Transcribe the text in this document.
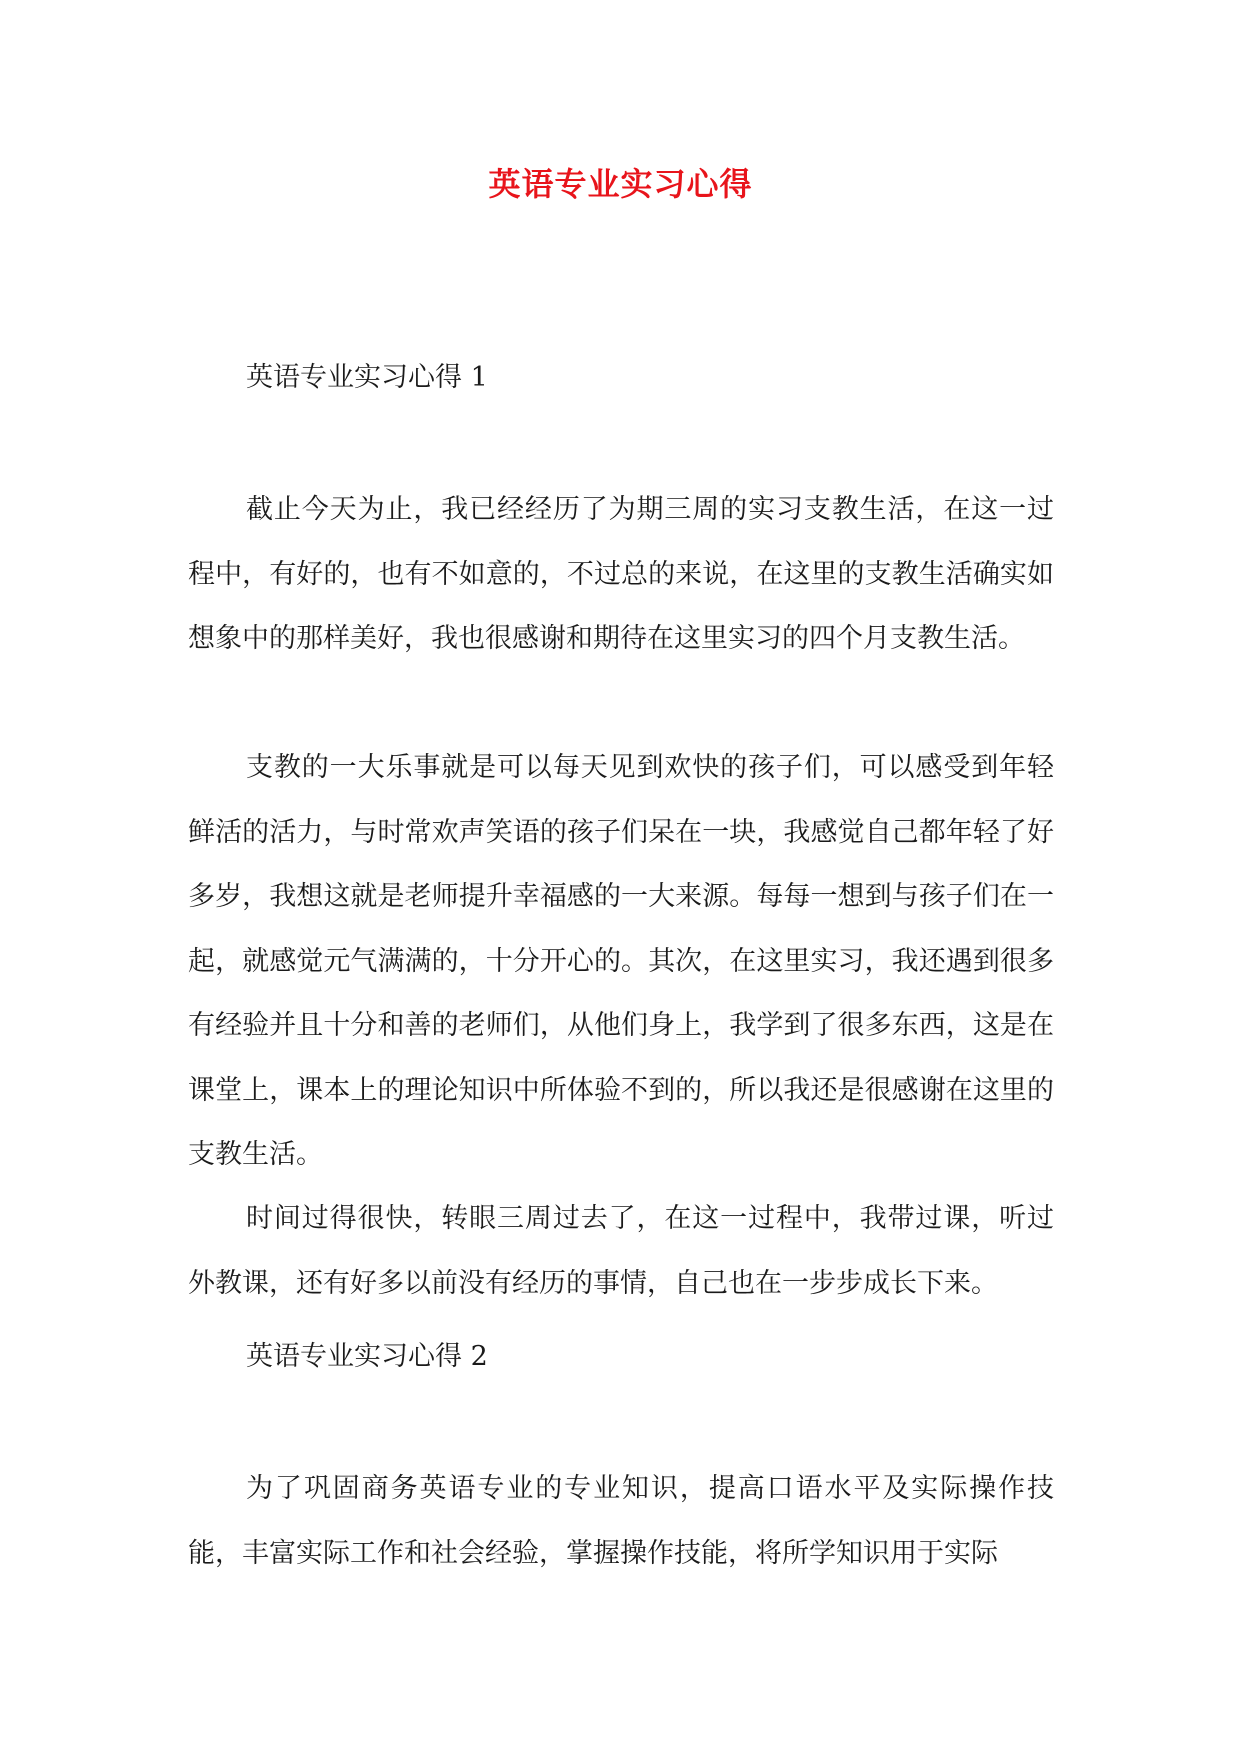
英语专业实习心得
英语专业实习心得 1

截止今天为止，我已经经历了为期三周的实习支教生活，在这一过程中，有好的，也有不如意的，不过总的来说，在这里的支教生活确实如想象中的那样美好，我也很感谢和期待在这里实习的四个月支教生活。

支教的一大乐事就是可以每天见到欢快的孩子们，可以感受到年轻鲜活的活力，与时常欢声笑语的孩子们呆在一块，我感觉自己都年轻了好多岁，我想这就是老师提升幸福感的一大来源。每每一想到与孩子们在一起，就感觉元气满满的，十分开心的。其次，在这里实习，我还遇到很多有经验并且十分和善的老师们，从他们身上，我学到了很多东西，这是在课堂上，课本上的理论知识中所体验不到的，所以我还是很感谢在这里的支教生活。

时间过得很快，转眼三周过去了，在这一过程中，我带过课，听过外教课，还有好多以前没有经历的事情，自己也在一步步成长下来。

英语专业实习心得 2

为了巩固商务英语专业的专业知识，提高口语水平及实际操作技能，丰富实际工作和社会经验，掌握操作技能，将所学知识用于实际
